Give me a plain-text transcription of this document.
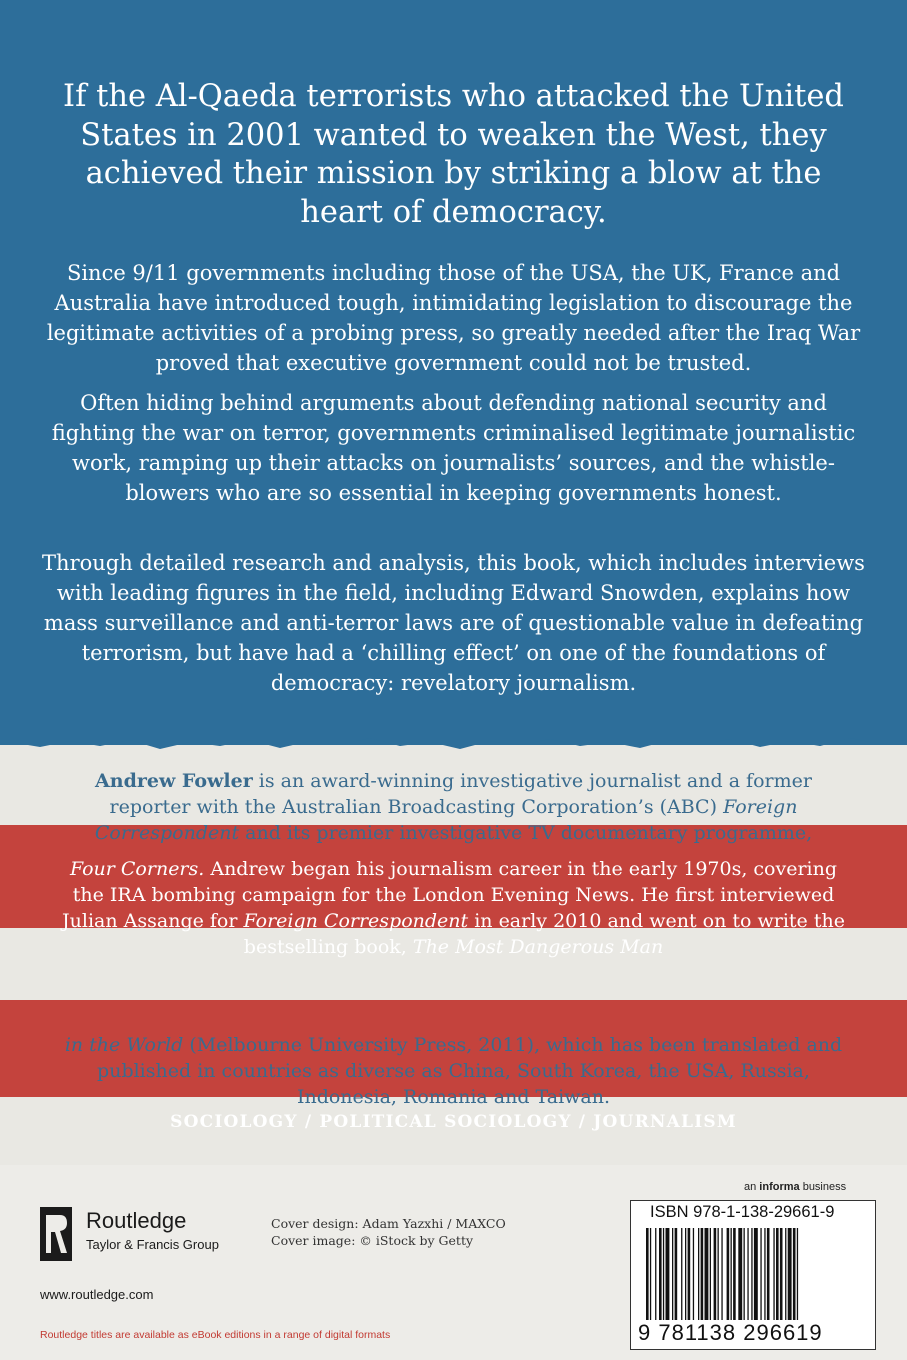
If the Al-Qaeda terrorists who attacked the United States in 2001 wanted to weaken the West, they achieved their mission by striking a blow at the heart of democracy.

Since 9/11 governments including those of the USA, the UK, France and Australia have introduced tough, intimidating legislation to discourage the legitimate activities of a probing press, so greatly needed after the Iraq War proved that executive government could not be trusted.

Often hiding behind arguments about defending national security and fighting the war on terror, governments criminalised legitimate journalistic work, ramping up their attacks on journalists’ sources, and the whistle-blowers who are so essential in keeping governments honest.

Through detailed research and analysis, this book, which includes interviews with leading figures in the field, including Edward Snowden, explains how mass surveillance and anti-terror laws are of questionable value in defeating terrorism, but have had a ‘chilling effect’ on one of the foundations of democracy: revelatory journalism.

Andrew Fowler is an award-winning investigative journalist and a former reporter with the Australian Broadcasting Corporation’s (ABC) Foreign Correspondent and its premier investigative TV documentary programme,

Four Corners. Andrew began his journalism career in the early 1970s, covering the IRA bombing campaign for the London Evening News. He first interviewed Julian Assange for Foreign Correspondent in early 2010 and went on to write the bestselling book, The Most Dangerous Man

in the World (Melbourne University Press, 2011), which has been translated and published in countries as diverse as China, South Korea, the USA, Russia, Indonesia, Romania and Taiwan.

SOCIOLOGY / POLITICAL SOCIOLOGY / JOURNALISM
Routledge
Taylor & Francis Group
www.routledge.com
Cover design: Adam Yazxhi / MAXCO
Cover image: © iStock by Getty
Routledge titles are available as eBook editions in a range of digital formats
an informa business
ISBN 978-1-138-29661-9
9 781138 296619
